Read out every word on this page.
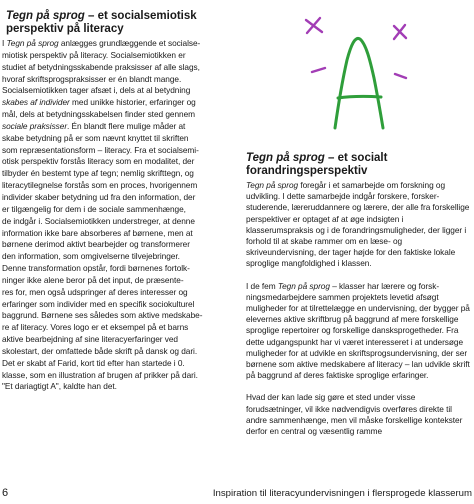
Tegn på sprog – et socialsemiotisk perspektiv på literacy

I Tegn på sprog anlægges grundlæggende et socialse-
miotisk perspektiv på literacy. Socialsemiotikken er
studiet af betydningsskabende praksisser af alle slags,
hvoraf skriftsprogspraksisser er én blandt mange.
Socialsemiotikken tager afsæt i, dels at al betydning
skabes af individer med unikke historier, erfaringer og
mål, dels at betydningsskabelsen finder sted gennem
sociale praksisser. Én blandt flere mulige måder at
skabe betydning på er som nævnt knyttet til skriften
som repræsentationsform – literacy. Fra et socialsemi-
otisk perspektiv forstås literacy som en modalitet, der
tilbyder én bestemt type af tegn; nemlig skrifttegn, og
literacytilegnelse forstås som en proces, hvorigennem
individer skaber betydning ud fra den information, der
er tilgængelig for dem i de sociale sammenhænge,
de indgår i. Socialsemiotikken understreger, at denne
information ikke bare absorberes af børnene, men at
børnene derimod aktivt bearbejder og transformerer
den information, som omgivelserne tilvejebringer.
Denne transformation opstår, fordi børnenes fortolk-
ninger ikke alene beror på det input, de præsente-
res for, men også udspringer af deres interesser og
erfaringer som individer med en specifik sociokulturel
baggrund. Børnene ses således som aktive medskabe-
re af literacy. Vores logo er et eksempel på et barns
aktive bearbejdning af sine literacyerfaringer ved
skolestart, der omfattede både skrift på dansk og dari.
Det er skabt af Farid, kort tid efter han startede i 0.
klasse, som en illustration af brugen af prikker på dari.
"Et dariagtigt A", kaldte han det.

Tegn på sprog – et socialt forandringsperspektiv

Tegn på sprog foregår i et samarbejde om forskning og udvikling. I dette samarbejde indgår forskere, forsker-studerende, læreruddannere og lærere, der alle fra forskellige perspektiver er optaget af at øge indsigten i klasserumspraksis og i de forandringsmuligheder, der ligger i forhold til at skabe rammer om en læse- og skriveundervisning, der tager højde for den faktiske lokale sproglige mangfoldighed i klassen.

I de fem Tegn på sprog – klasser har lærere og forsk-ningsmedarbejdere sammen projektets levetid afsøgt muligheder for at tilrettelægge en undervisning, der bygger på elevernes aktive skriftbrug på baggrund af mere forskellige sproglige repertoirer og forskellige dansksprogetheder. Fra dette udgangspunkt har vi været interesseret i at undersøge muligheder for at udvikle en skriftsprogsundervisning, der ser børnene som aktive medskabere af literacy – lan udvikle skrift på baggrund af deres faktiske sproglige erfaringer.

Hvad der kan lade sig gøre et sted under visse forudsætninger, vil ikke nødvendigvis overføres direkte til andre sammenhænge, men vil måske forskellige kontekster derfor en central og væsentlig ramme

6	Inspiration til literacyundervisningen i flersprogede klasserum
